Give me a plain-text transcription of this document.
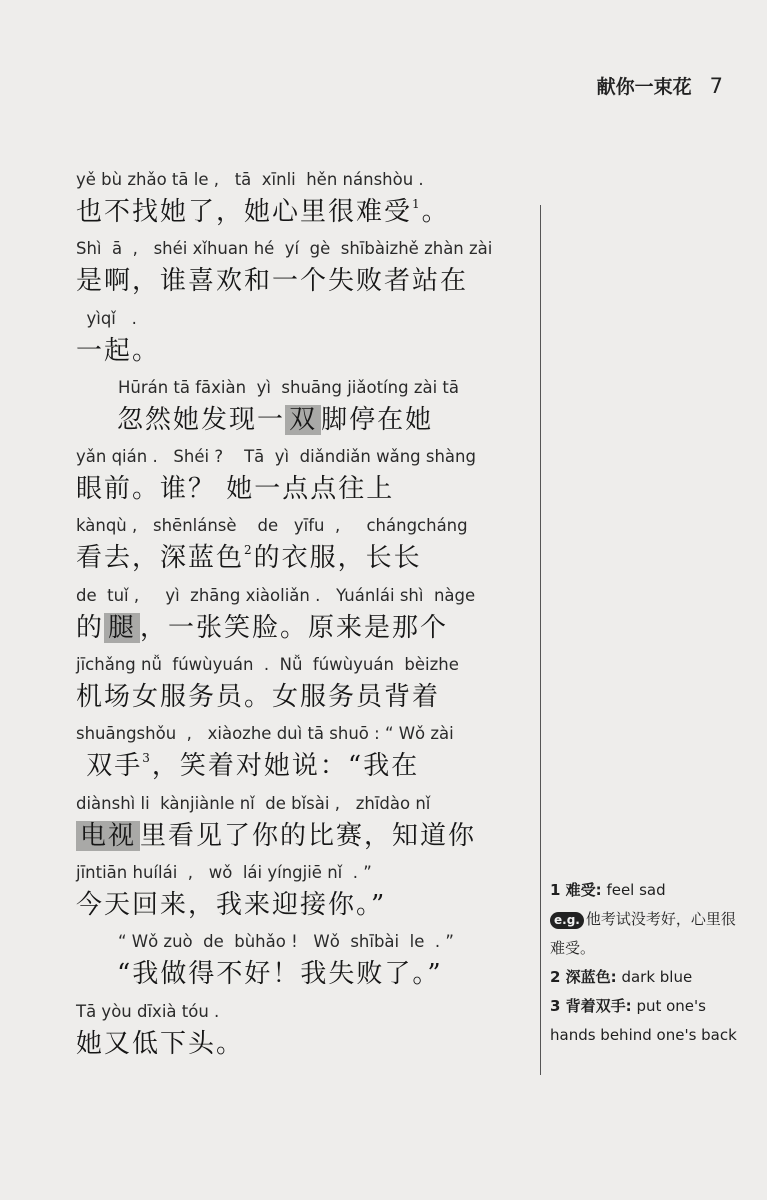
献你一束花 7
yě bù zhǎo tā le ,   tā  xīnli  hěn nánshòu .
也不找她了，她心里很难受$^1$。
Shì  ā  ,   shéi xǐhuan hé  yí  gè  shībàizhě zhàn zài
是啊，谁喜欢和一个失败者站在
yìqǐ   .
一起。
Hūrán tā fāxiàn  yì  shuāng jiǎotíng zài tā
忽然她发现一 双 脚停在她
yǎn qián .   Shéi ?    Tā  yì  diǎndiǎn wǎng shàng
眼前。谁？ 她一点点往上
kànqù ,   shēnlánsè    de   yīfu  ,     chángcháng
看去，深蓝色$^2$的衣服，长长
de  tuǐ ,     yì  zhāng xiàoliǎn .   Yuánlái shì  nàge
的 腿 ，一张笑脸。原来是那个
jīchǎng nǚ  fúwùyuán  .  Nǚ  fúwùyuán  bèizhe
机场女服务员。女服务员背着
shuāngshǒu  ,   xiàozhe duì tā shuō : “ Wǒ zài
双手$^3$，笑着对她说：“我在
diànshì li  kànjiànle nǐ  de bǐsài ,   zhīdào nǐ
电视 里看见了你的比赛，知道你
jīntiān huílái  ,   wǒ  lái yíngjiē nǐ  . ”
今天回来，我来迎接你。”
“ Wǒ zuò  de  bùhǎo !   Wǒ  shībài  le  . ”
“我做得不好！我失败了。”
Tā yòu dīxià tóu .
她又低下头。
1 难受: feel sad
e.g. 他考试没考好，心里很难受。
2 深蓝色: dark blue
3 背着双手: put one's hands behind one's back
